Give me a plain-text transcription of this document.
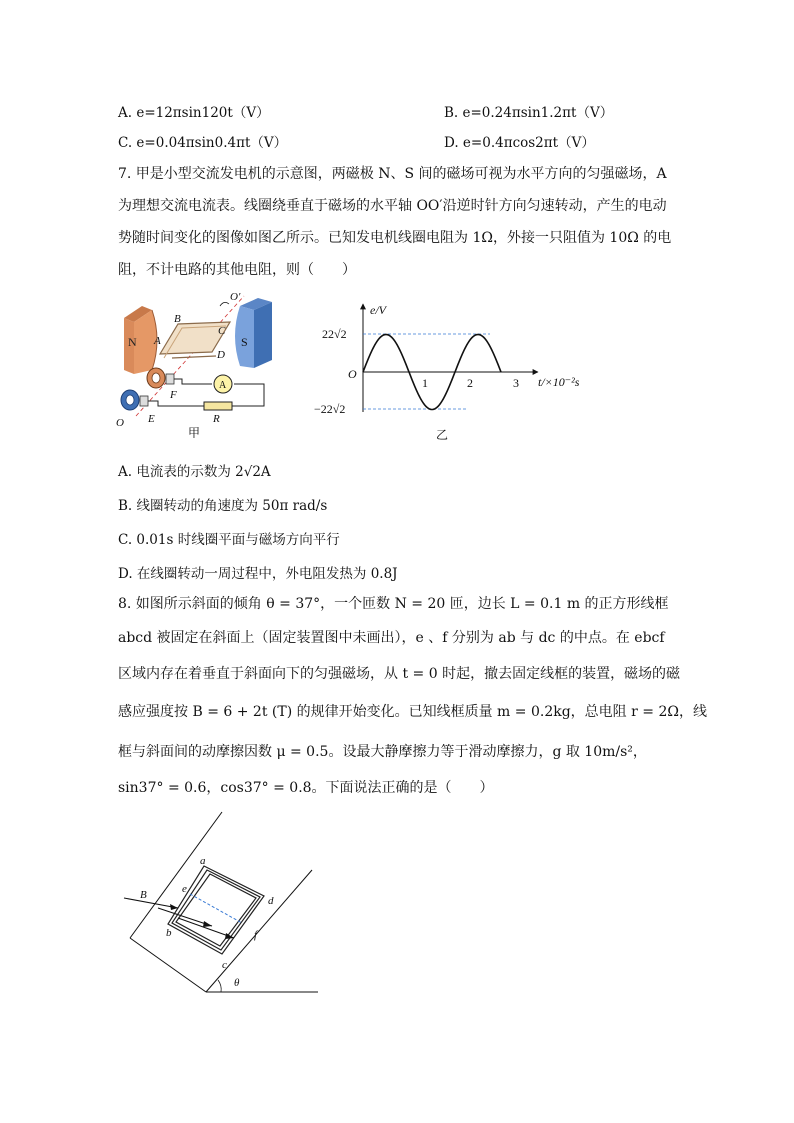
A. e=12πsin120t（V）	B. e=0.24πsin1.2πt（V）
C. e=0.04πsin0.4πt（V）	D. e=0.4πcos2πt（V）
7. 甲是小型交流发电机的示意图，两磁极 N、S 间的磁场可视为水平方向的匀强磁场，A
为理想交流电流表。线圈绕垂直于磁场的水平轴 OO′沿逆时针方向匀速转动，产生的电动
势随时间变化的图像如图乙所示。已知发电机线圈电阻为 1Ω，外接一只阻值为 10Ω 的电
阻，不计电路的其他电阻，则（　　）
N	S
B
C
A
D
O′
F
E
O
A
R
甲
e/V
t/×10⁻²s
O
22√2
−22√2
1	2	3
乙
A. 电流表的示数为 2√2A
B. 线圈转动的角速度为 50π rad/s
C. 0.01s 时线圈平面与磁场方向平行
D. 在线圈转动一周过程中，外电阻发热为 0.8J
8. 如图所示斜面的倾角 θ = 37°，一个匝数 N = 20 匝，边长 L = 0.1 m 的正方形线框
abcd 被固定在斜面上（固定装置图中未画出），e 、f 分别为 ab 与 dc 的中点。在 ebcf
区域内存在着垂直于斜面向下的匀强磁场，从 t = 0 时起，撤去固定线框的装置，磁场的磁
感应强度按 B = 6 + 2t (T) 的规律开始变化。已知线框质量 m = 0.2kg，总电阻 r = 2Ω，线
框与斜面间的动摩擦因数 μ = 0.5。设最大静摩擦力等于滑动摩擦力，g 取 10m/s²，
sin37° = 0.6，cos37° = 0.8。下面说法正确的是（　　）
θ
B
a
e
b
d
f
c
